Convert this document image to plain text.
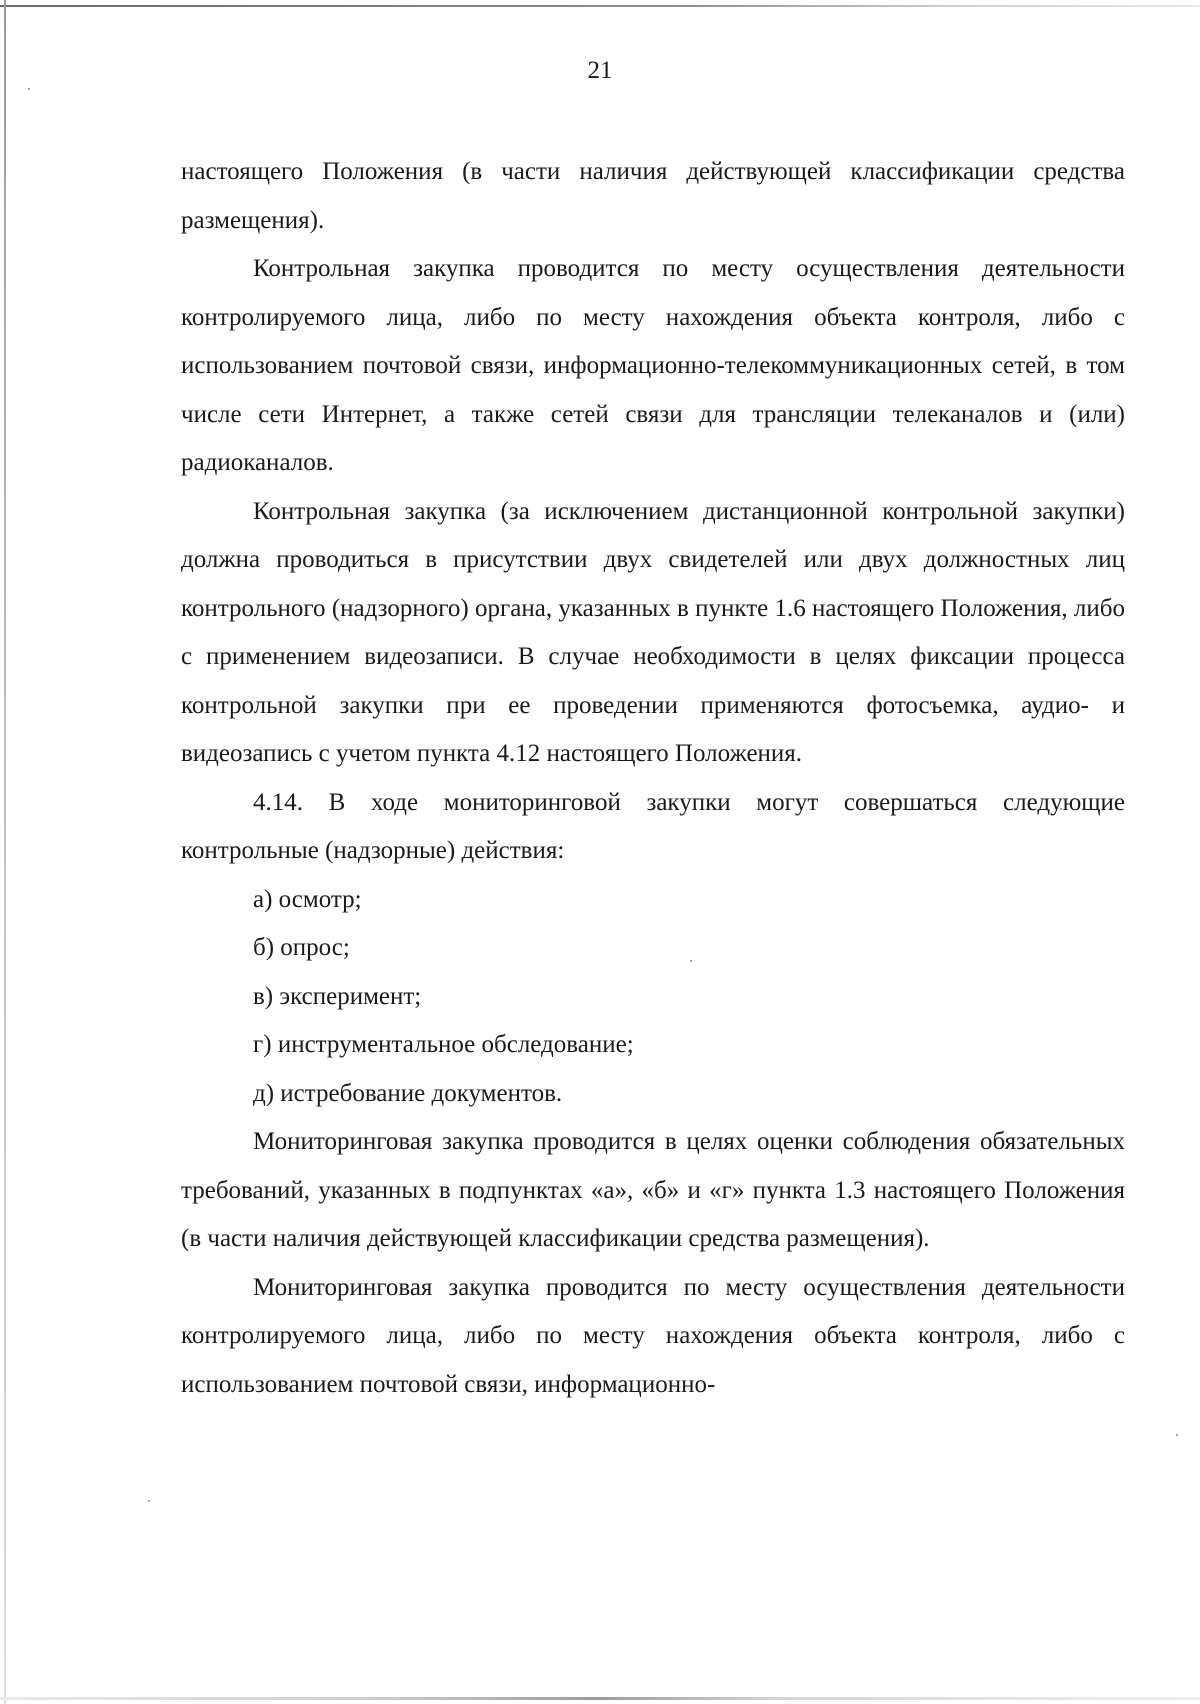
21

настоящего Положения (в части наличия действующей классификации средства размещения).

Контрольная закупка проводится по месту осуществления деятельности контролируемого лица, либо по месту нахождения объекта контроля, либо с использованием почтовой связи, информационно-телекоммуникационных сетей, в том числе сети Интернет, а также сетей связи для трансляции телеканалов и (или) радиоканалов.

Контрольная закупка (за исключением дистанционной контрольной закупки) должна проводиться в присутствии двух свидетелей или двух должностных лиц контрольного (надзорного) органа, указанных в пункте 1.6 настоящего Положения, либо с применением видеозаписи. В случае необходимости в целях фиксации процесса контрольной закупки при ее проведении применяются фотосъемка, аудио- и видеозапись с учетом пункта 4.12 настоящего Положения.

4.14. В ходе мониторинговой закупки могут совершаться следующие контрольные (надзорные) действия:

а) осмотр;

б) опрос;

в) эксперимент;

г) инструментальное обследование;

д) истребование документов.

Мониторинговая закупка проводится в целях оценки соблюдения обязательных требований, указанных в подпунктах «а», «б» и «г» пункта 1.3 настоящего Положения (в части наличия действующей классификации средства размещения).

Мониторинговая закупка проводится по месту осуществления деятельности контролируемого лица, либо по месту нахождения объекта контроля, либо с использованием почтовой связи, информационно-
